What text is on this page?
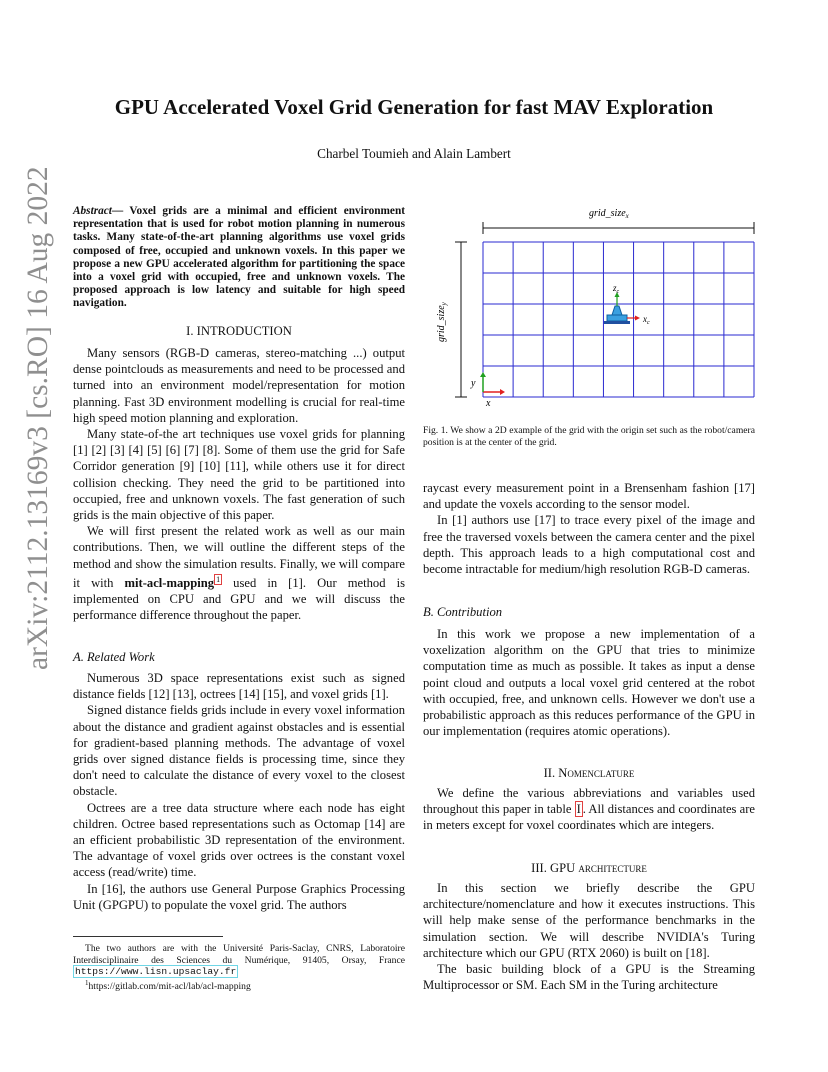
GPU Accelerated Voxel Grid Generation for fast MAV Exploration
Charbel Toumieh and Alain Lambert
arXiv:2112.13169v3 [cs.RO] 16 Aug 2022 Abstract— Voxel grids are a minimal and efficient environment representation that is used for robot motion planning in numerous tasks. Many state-of-the-art planning algorithms use voxel grids composed of free, occupied and unknown voxels. In this paper we propose a new GPU accelerated algorithm for partitioning the space into a voxel grid with occupied, free and unknown voxels. The proposed approach is low latency and suitable for high speed navigation.
I. INTRODUCTION

Many sensors (RGB-D cameras, stereo-matching ...) output dense pointclouds as measurements and need to be processed and turned into an environment model/representation for motion planning. Fast 3D environment modelling is crucial for real-time high speed motion planning and exploration.

Many state-of-the art techniques use voxel grids for planning [1] [2] [3] [4] [5] [6] [7] [8]. Some of them use the grid for Safe Corridor generation [9] [10] [11], while others use it for direct collision checking. They need the grid to be partitioned into occupied, free and unknown voxels. The fast generation of such grids is the main objective of this paper.

We will first present the related work as well as our main contributions. Then, we will outline the different steps of the method and show the simulation results. Finally, we will compare it with mit-acl-mapping $^1$ used in [1]. Our method is implemented on CPU and GPU and we will discuss the performance difference throughout the paper.

A. Related Work

Numerous 3D space representations exist such as signed distance fields [12] [13], octrees [14] [15], and voxel grids [1].

Signed distance fields grids include in every voxel information about the distance and gradient against obstacles and is essential for gradient-based planning methods. The advantage of voxel grids over signed distance fields is processing time, since they don't need to calculate the distance of every voxel to the closest obstacle.

Octrees are a tree data structure where each node has eight children. Octree based representations such as Octomap [14] are an efficient probabilistic 3D representation of the environment. The advantage of voxel grids over octrees is the constant voxel access (read/write) time.

In [16], the authors use General Purpose Graphics Processing Unit (GPGPU) to populate the voxel grid. The authors

The two authors are with the Université Paris-Saclay, CNRS, Laboratoire Interdisciplinaire des Sciences du Numérique, 91405, Orsay, France https://www.lisn.upsaclay.fr
$^1$https://gitlab.com/mit-acl/lab/acl-mapping
grid_size$_x$
grid_size$_y$
x
y
$z_c$
$x_c$
Fig. 1. We show a 2D example of the grid with the origin set such as the robot/camera position is at the center of the grid.

raycast every measurement point in a Brensenham fashion [17] and update the voxels according to the sensor model.

In [1] authors use [17] to trace every pixel of the image and free the traversed voxels between the camera center and the pixel depth. This approach leads to a high computational cost and become intractable for medium/high resolution RGB-D cameras.

B. Contribution

In this work we propose a new implementation of a voxelization algorithm on the GPU that tries to minimize computation time as much as possible. It takes as input a dense point cloud and outputs a local voxel grid centered at the robot with occupied, free, and unknown cells. However we don't use a probabilistic approach as this reduces performance of the GPU in our implementation (requires atomic operations).

II. Nomenclature

We define the various abbreviations and variables used throughout this paper in table I . All distances and coordinates are in meters except for voxel coordinates which are integers.

III. GPU architecture

In this section we briefly describe the GPU architecture/nomenclature and how it executes instructions. This will help make sense of the performance benchmarks in the simulation section. We will describe NVIDIA's Turing architecture which our GPU (RTX 2060) is built on [18].

The basic building block of a GPU is the Streaming Multiprocessor or SM. Each SM in the Turing architecture
